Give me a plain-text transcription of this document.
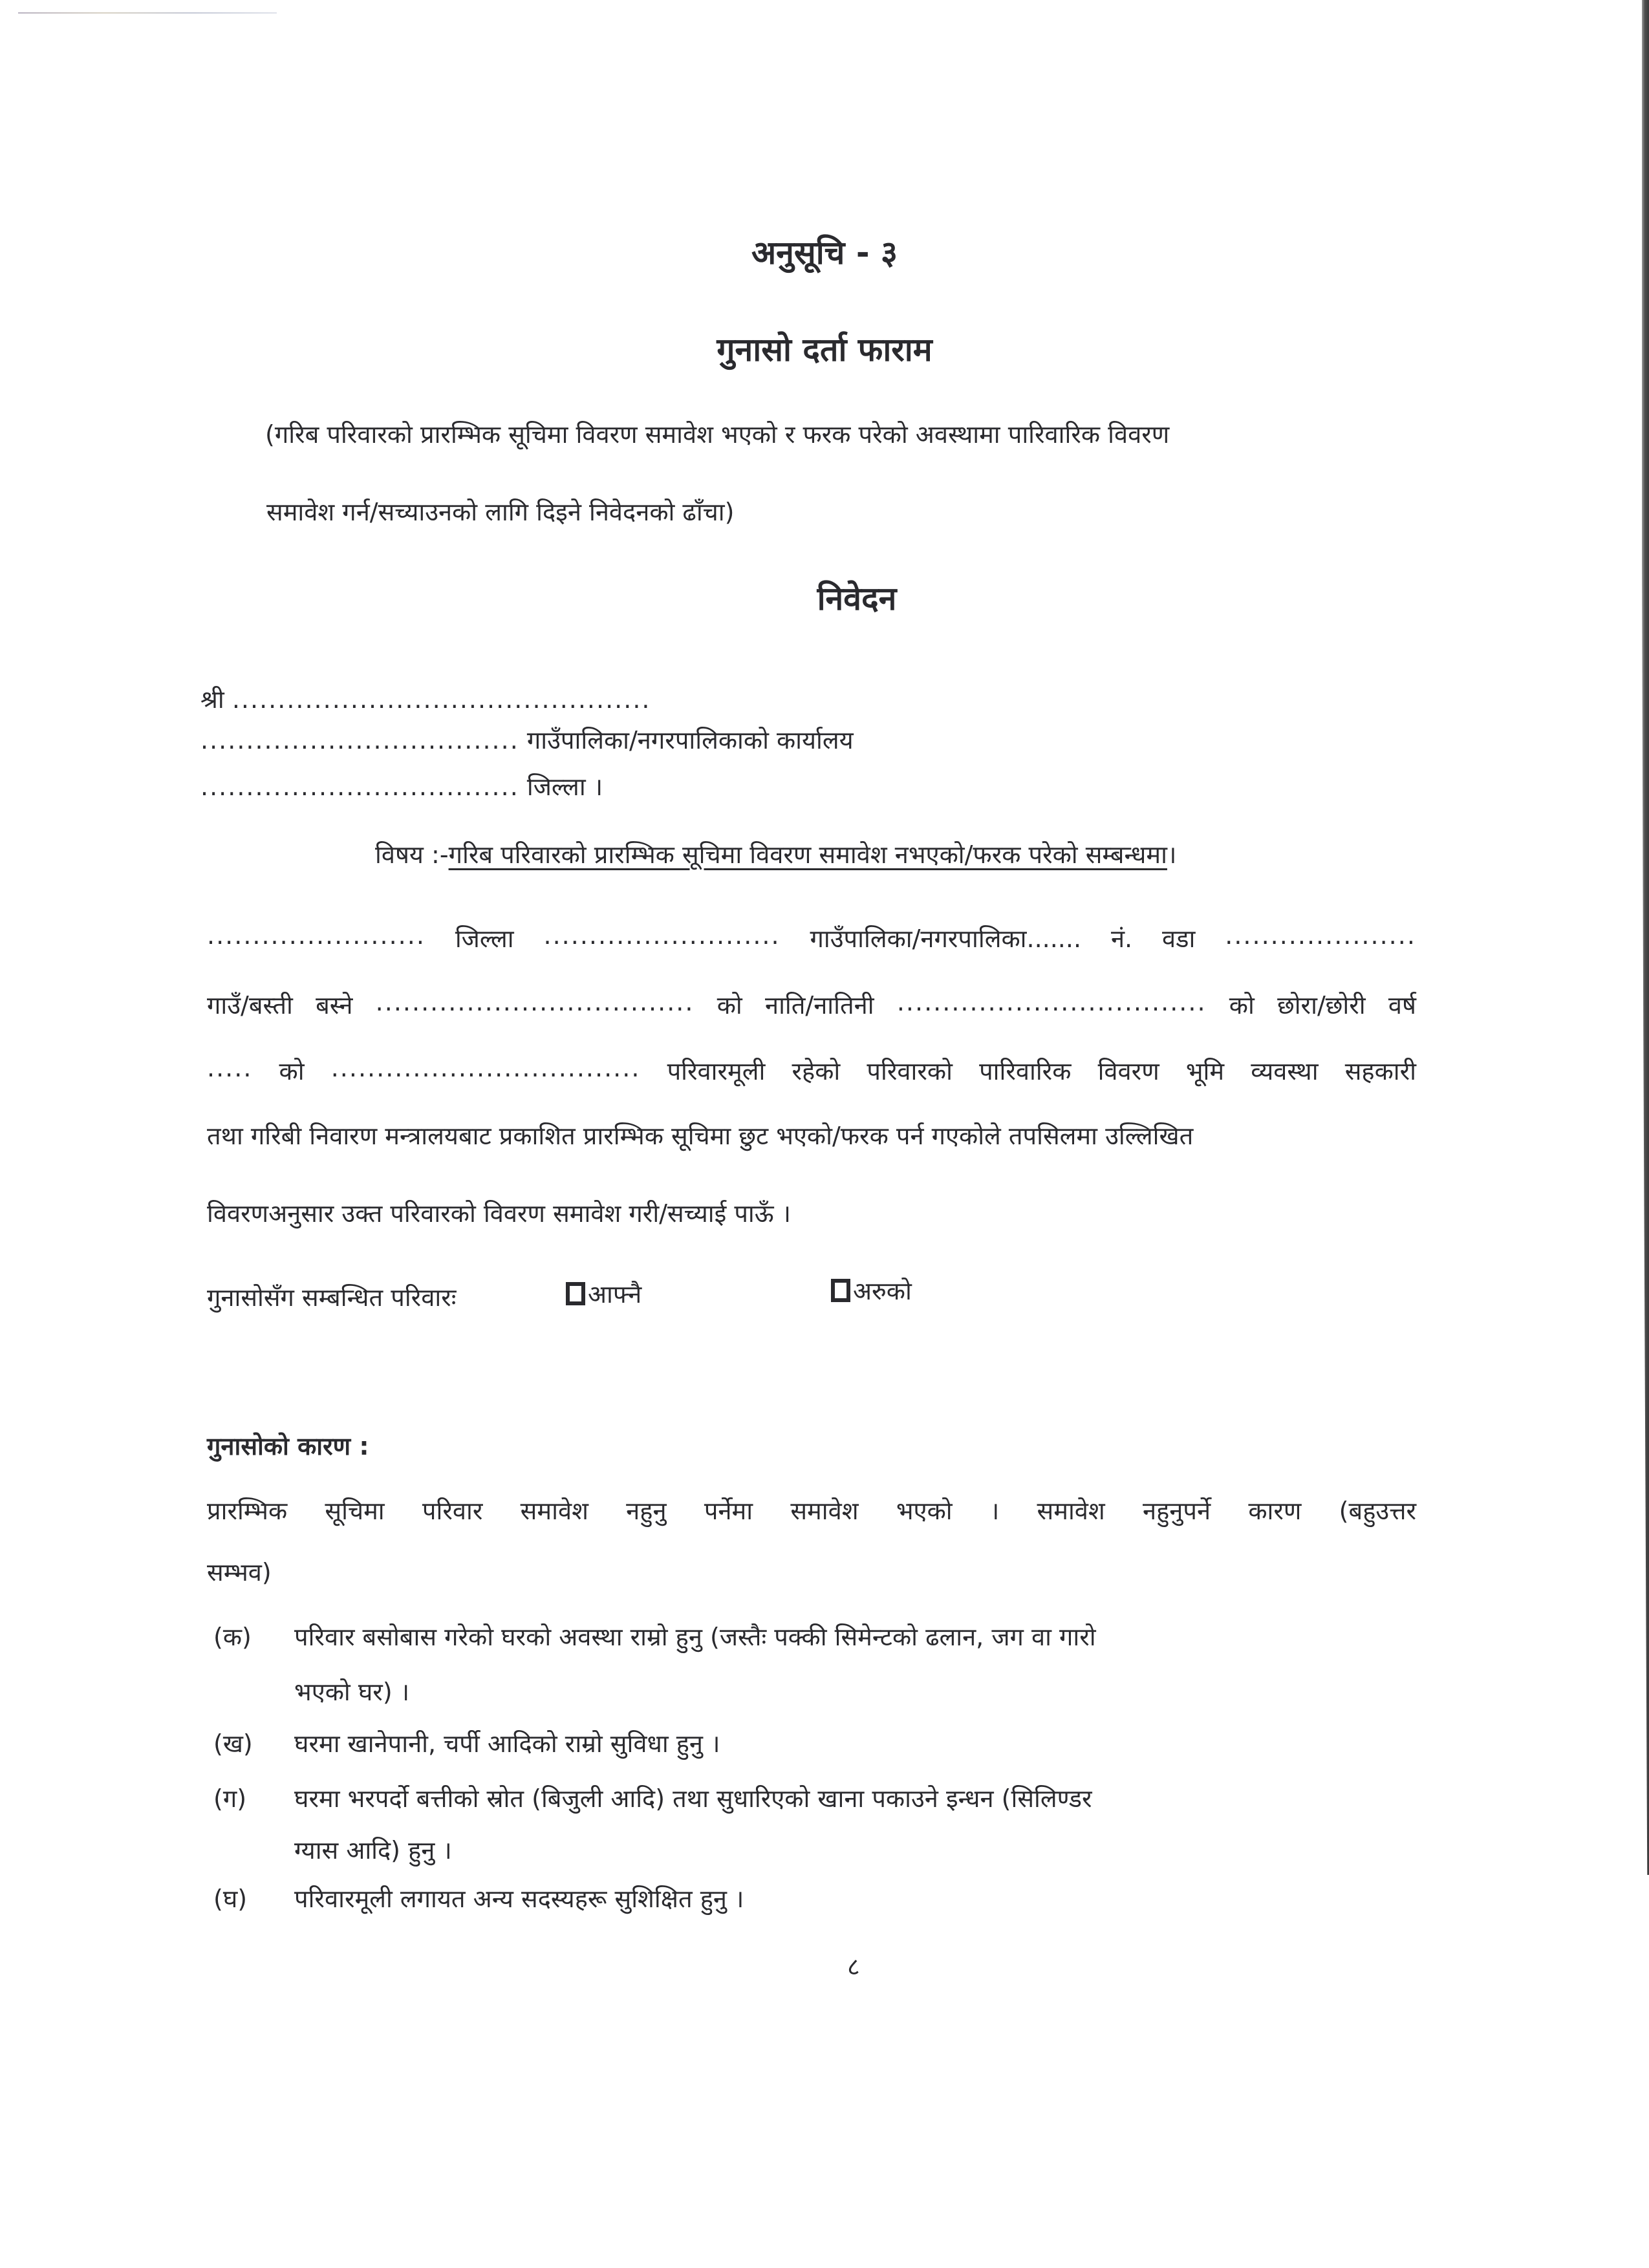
अनुसूचि - ३
गुनासो दर्ता फाराम
(गरिब परिवारको प्रारम्भिक सूचिमा विवरण समावेश भएको र फरक परेको अवस्थामा पारिवारिक विवरण
समावेश गर्न/सच्याउनको लागि दिइने निवेदनको ढाँचा)
निवेदन
श्री ..............................................
................................... गाउँपालिका/नगरपालिकाको कार्यालय
................................... जिल्ला ।
विषय :-गरिब परिवारको प्रारम्भिक सूचिमा विवरण समावेश नभएको/फरक परेको सम्बन्धमा।
........................ जिल्ला .......................... गाउँपालिका/नगरपालिका....... नं. वडा .....................
गाउँ/बस्ती बस्ने ................................... को नाति/नातिनी .................................. को छोरा/छोरी वर्ष
..... को .................................. परिवारमूली रहेको परिवारको पारिवारिक विवरण भूमि व्यवस्था सहकारी
तथा गरिबी निवारण मन्त्रालयबाट प्रकाशित प्रारम्भिक सूचिमा छुट भएको/फरक पर्न गएकोले तपसिलमा उल्लिखित
विवरणअनुसार उक्त परिवारको विवरण समावेश गरी/सच्याई पाऊँ ।
गुनासोसँग सम्बन्धित परिवारः	आफ्नै	अरुको
गुनासोको कारण :
प्रारम्भिक सूचिमा परिवार समावेश नहुनु पर्नेमा समावेश भएको । समावेश नहुनुपर्ने कारण (बहुउत्तर
सम्भव)
(क) परिवार बसोबास गरेको घरको अवस्था राम्रो हुनु (जस्तैः पक्की सिमेन्टको ढलान, जग वा गारो
भएको घर) ।
(ख) घरमा खानेपानी, चर्पी आदिको राम्रो सुविधा हुनु ।
(ग) घरमा भरपर्दो बत्तीको स्रोत (बिजुली आदि) तथा सुधारिएको खाना पकाउने इन्धन (सिलिण्डर
ग्यास आदि) हुनु ।
(घ) परिवारमूली लगायत अन्य सदस्यहरू सुशिक्षित हुनु ।
८
